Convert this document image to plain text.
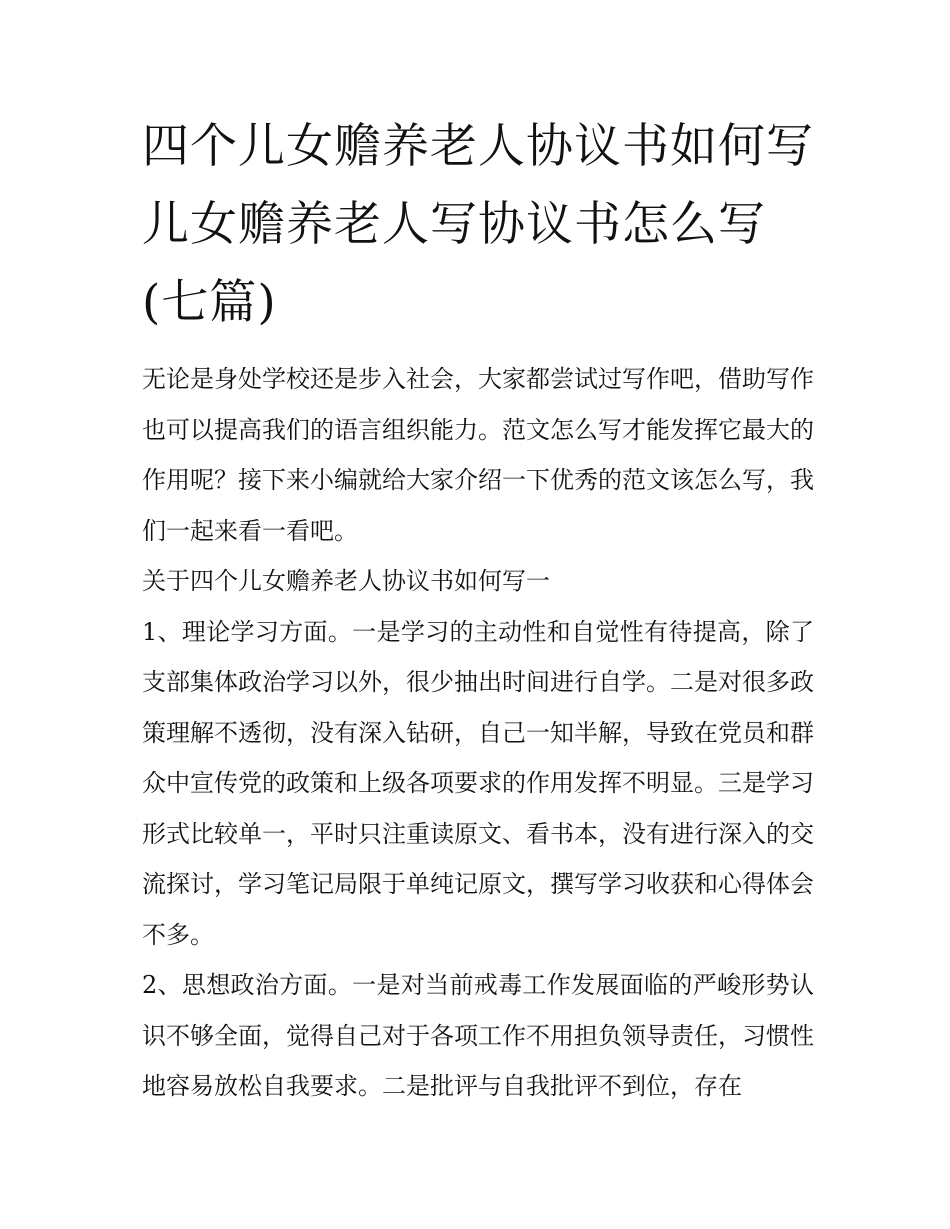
四个儿女赡养老人协议书如何写 儿女赡养老人写协议书怎么写(七篇)

无论是身处学校还是步入社会，大家都尝试过写作吧，借助写作也可以提高我们的语言组织能力。范文怎么写才能发挥它最大的作用呢？接下来小编就给大家介绍一下优秀的范文该怎么写，我们一起来看一看吧。

关于四个儿女赡养老人协议书如何写一

1、理论学习方面。一是学习的主动性和自觉性有待提高，除了支部集体政治学习以外，很少抽出时间进行自学。二是对很多政策理解不透彻，没有深入钻研，自己一知半解，导致在党员和群众中宣传党的政策和上级各项要求的作用发挥不明显。三是学习形式比较单一，平时只注重读原文、看书本，没有进行深入的交流探讨，学习笔记局限于单纯记原文，撰写学习收获和心得体会不多。

2、思想政治方面。一是对当前戒毒工作发展面临的严峻形势认识不够全面，觉得自己对于各项工作不用担负领导责任，习惯性地容易放松自我要求。二是批评与自我批评不到位，存在
